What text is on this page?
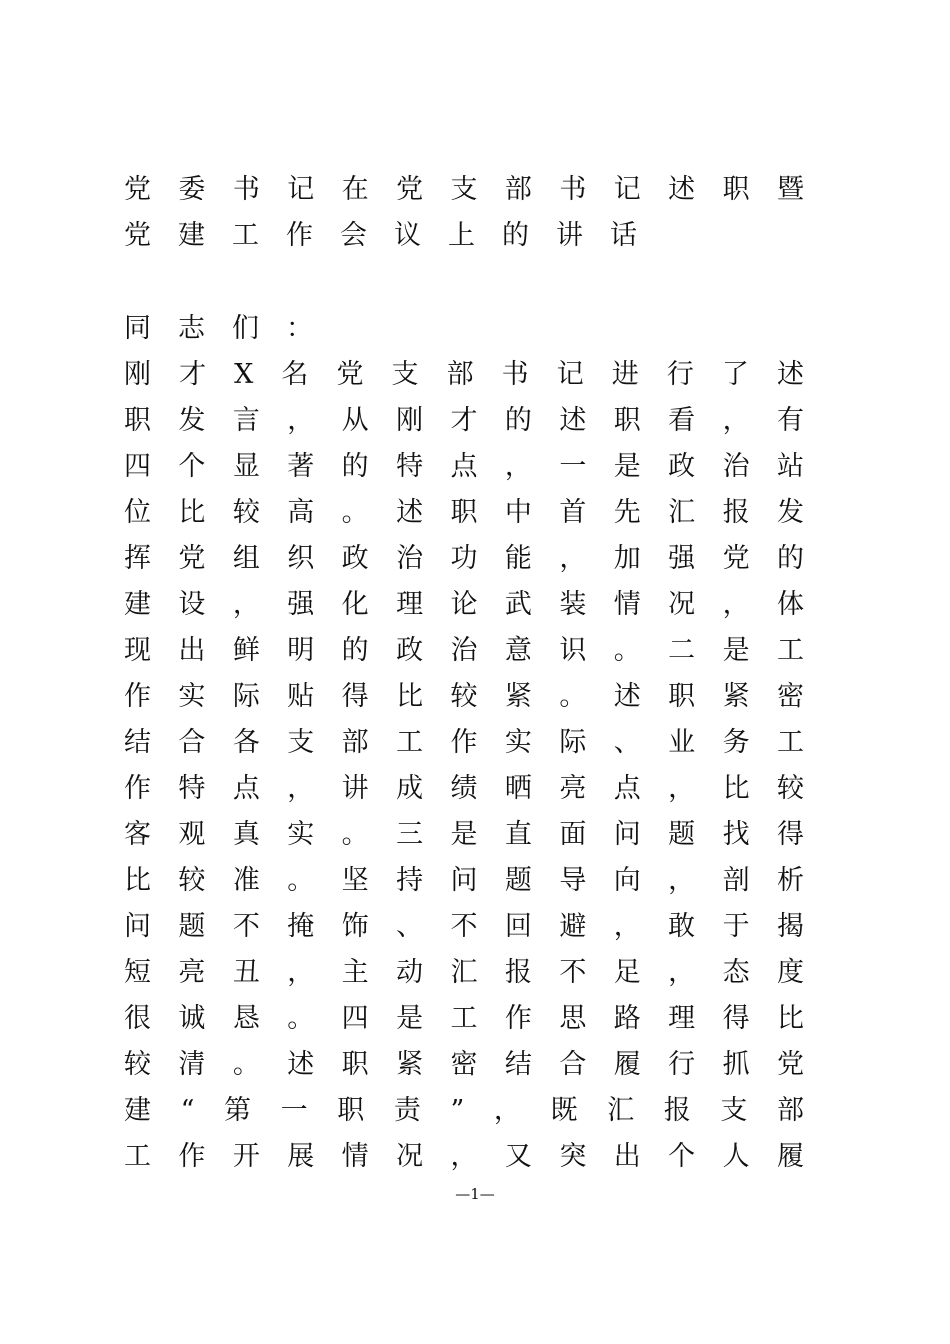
党委书记在党支部书记述职暨
党建工作会议上的讲话
同志们：
刚才X名党支部书记进行了述
职发言，从刚才的述职看，有
四个显著的特点，一是政治站
位比较高。述职中首先汇报发
挥党组织政治功能，加强党的
建设，强化理论武装情况，体
现出鲜明的政治意识。二是工
作实际贴得比较紧。述职紧密
结合各支部工作实际、业务工
作特点，讲成绩晒亮点，比较
客观真实。三是直面问题找得
比较准。坚持问题导向，剖析
问题不掩饰、不回避，敢于揭
短亮丑，主动汇报不足，态度
很诚恳。四是工作思路理得比
较清。述职紧密结合履行抓党
建“第一职责”，既汇报支部
工作开展情况，又突出个人履
—1—
